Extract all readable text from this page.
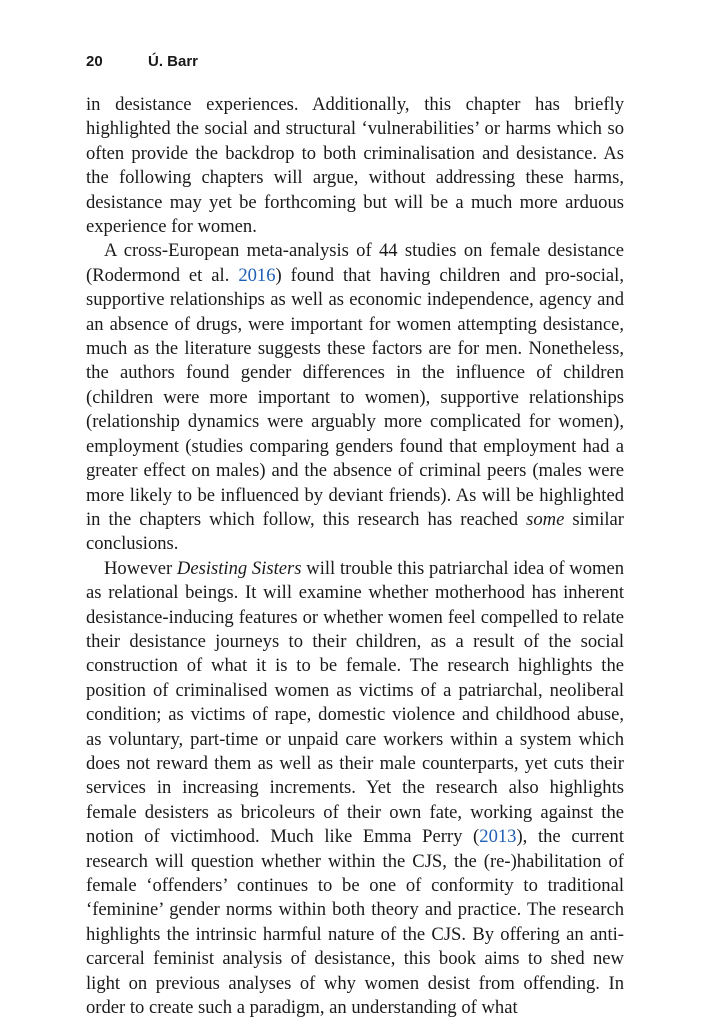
20	Ú. Barr

in desistance experiences. Additionally, this chapter has briefly highlighted the social and structural ‘vulnerabilities’ or harms which so often provide the backdrop to both criminalisation and desistance. As the following chapters will argue, without addressing these harms, desistance may yet be forthcoming but will be a much more arduous experience for women.

A cross-European meta-analysis of 44 studies on female desistance (Rodermond et al. 2016) found that having children and pro-social, supportive relationships as well as economic independence, agency and an absence of drugs, were important for women attempting desistance, much as the literature suggests these factors are for men. Nonetheless, the authors found gender differences in the influence of children (children were more important to women), supportive relationships (relationship dynamics were arguably more complicated for women), employment (studies comparing genders found that employment had a greater effect on males) and the absence of criminal peers (males were more likely to be influenced by deviant friends). As will be highlighted in the chapters which follow, this research has reached some similar conclusions.

However Desisting Sisters will trouble this patriarchal idea of women as relational beings. It will examine whether motherhood has inherent desistance-inducing features or whether women feel compelled to relate their desistance journeys to their children, as a result of the social construction of what it is to be female. The research highlights the position of criminalised women as victims of a patriarchal, neoliberal condition; as victims of rape, domestic violence and childhood abuse, as voluntary, part-time or unpaid care workers within a system which does not reward them as well as their male counterparts, yet cuts their services in increasing increments. Yet the research also highlights female desisters as bricoleurs of their own fate, working against the notion of victimhood. Much like Emma Perry (2013), the current research will question whether within the CJS, the (re-)habilitation of female ‘offenders’ continues to be one of conformity to traditional ‘feminine’ gender norms within both theory and practice. The research highlights the intrinsic harmful nature of the CJS. By offering an anti-carceral feminist analysis of desistance, this book aims to shed new light on previous analyses of why women desist from offending. In order to create such a paradigm, an understanding of what
